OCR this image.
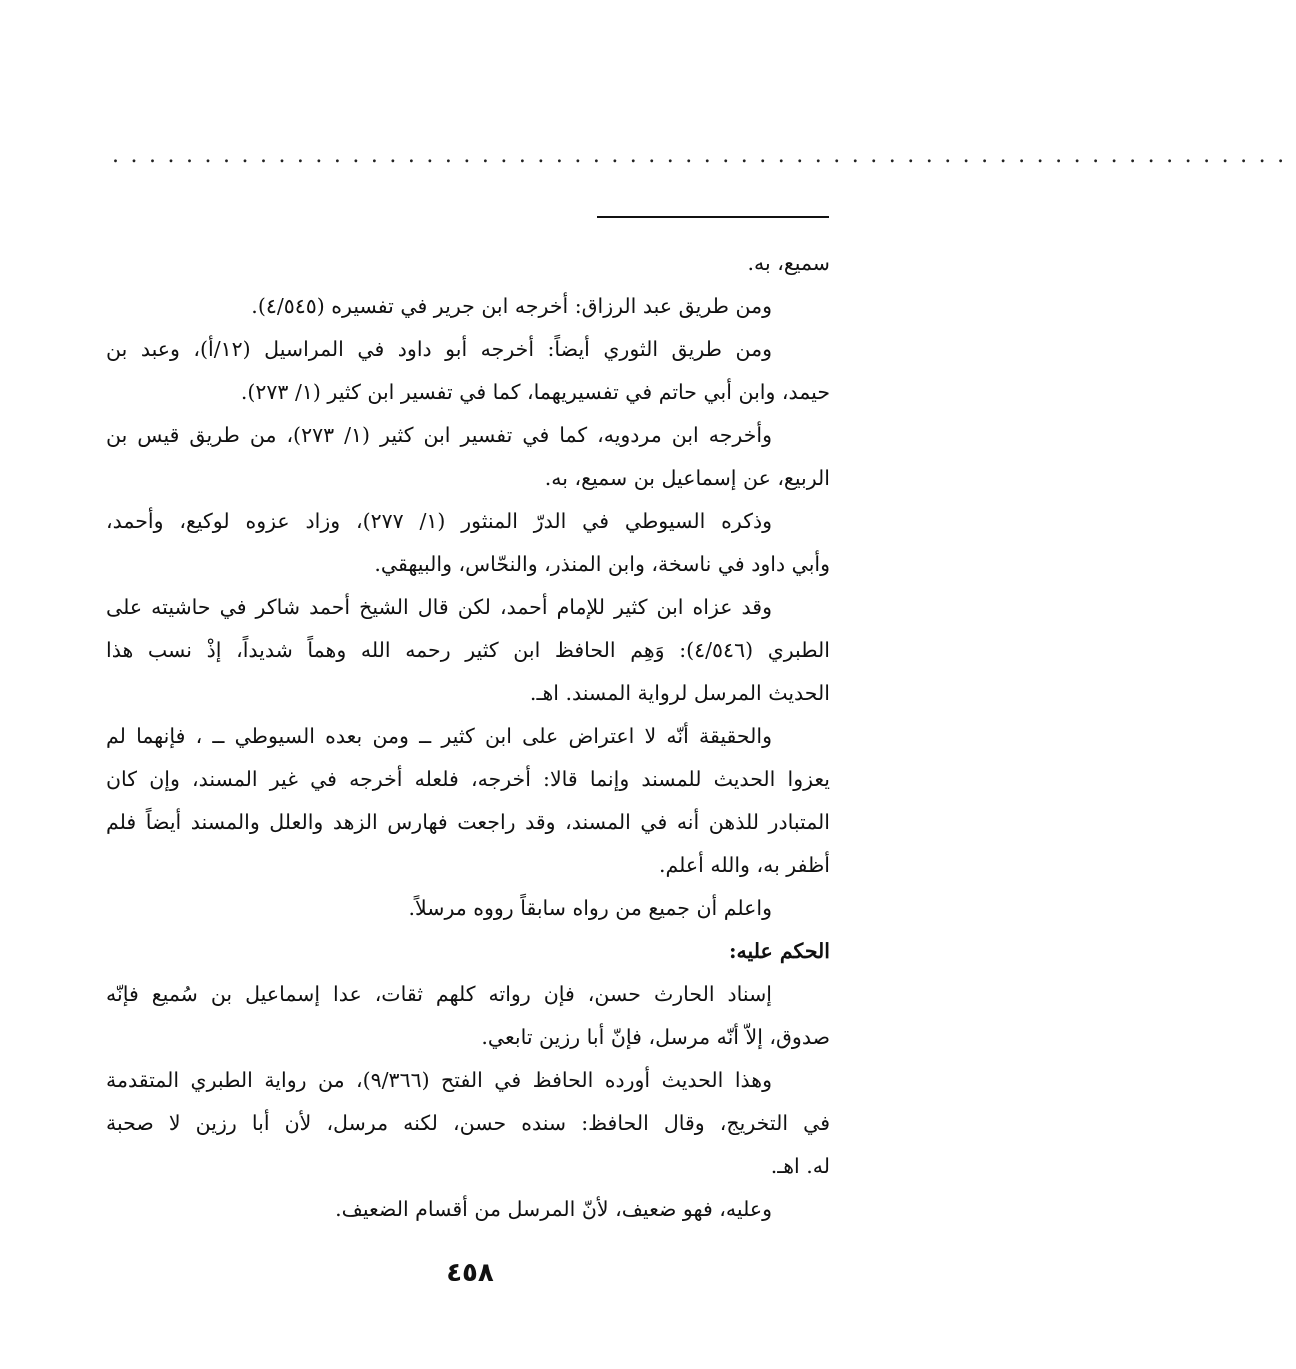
................................................................

سميع، به.

ومن طريق عبد الرزاق: أخرجه ابن جرير في تفسيره (٤/٥٤٥).

ومن طريق الثوري أيضاً: أخرجه أبو داود في المراسيل (١٢/أ)، وعبد بن

حيمد، وابن أبي حاتم في تفسيريهما، كما في تفسير ابن كثير (١/ ٢٧٣).

وأخرجه ابن مردويه، كما في تفسير ابن كثير (١/ ٢٧٣)، من طريق قيس بن

الربيع، عن إسماعيل بن سميع، به.

وذكره السيوطي في الدرّ المنثور (١/ ٢٧٧)، وزاد عزوه لوكيع، وأحمد،

وأبي داود في ناسخة، وابن المنذر، والنحّاس، والبيهقي.

وقد عزاه ابن كثير للإمام أحمد، لكن قال الشيخ أحمد شاكر في حاشيته على

الطبري (٤/٥٤٦): وَهِم الحافظ ابن كثير رحمه الله وهماً شديداً، إذْ نسب هذا

الحديث المرسل لرواية المسند. اهـ.

والحقيقة أنّه لا اعتراض على ابن كثير ــ ومن بعده السيوطي ــ ، فإنهما لم

يعزوا الحديث للمسند وإنما قالا: أخرجه، فلعله أخرجه في غير المسند، وإن كان

المتبادر للذهن أنه في المسند، وقد راجعت فهارس الزهد والعلل والمسند أيضاً فلم

أظفر به، والله أعلم.

واعلم أن جميع من رواه سابقاً رووه مرسلاً.

الحكم عليه:

إسناد الحارث حسن، فإن رواته كلهم ثقات، عدا إسماعيل بن سُميع فإنّه

صدوق، إلاّ أنّه مرسل، فإنّ أبا رزين تابعي.

وهذا الحديث أورده الحافظ في الفتح (٩/٣٦٦)، من رواية الطبري المتقدمة

في التخريج، وقال الحافظ: سنده حسن، لكنه مرسل، لأن أبا رزين لا صحبة

له. اهـ.

وعليه، فهو ضعيف، لأنّ المرسل من أقسام الضعيف.

٤٥٨
